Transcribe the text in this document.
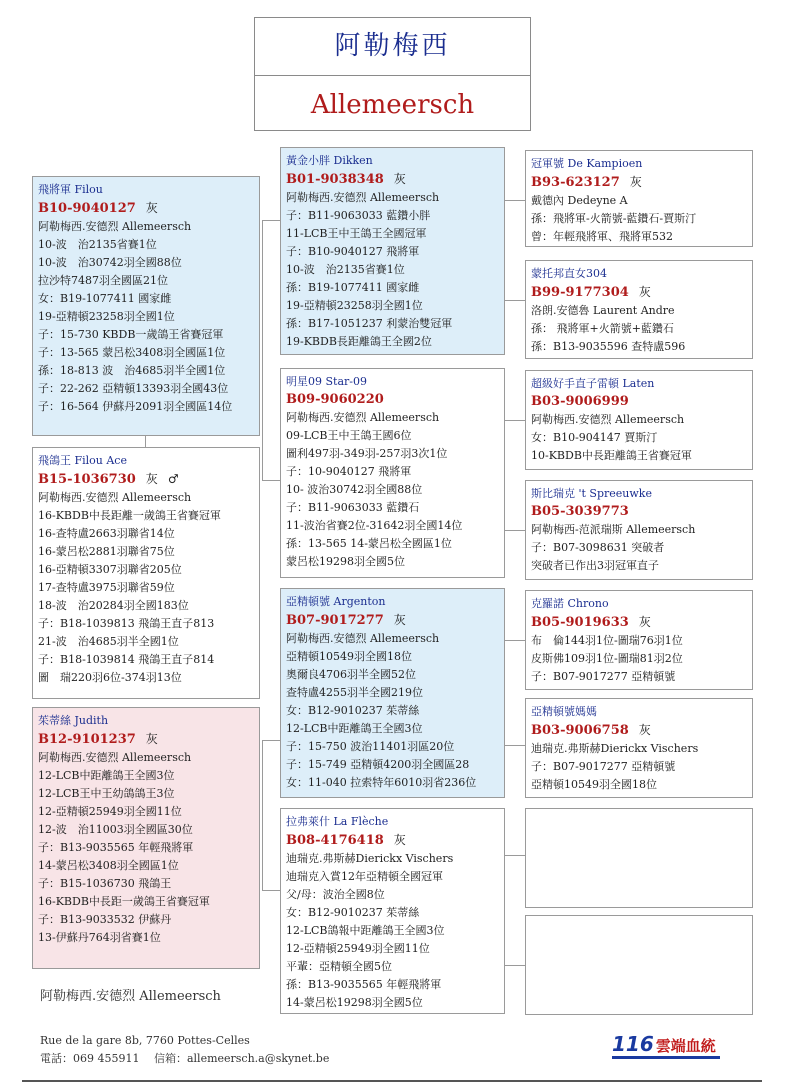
阿勒梅西
Allemeersch
飛將軍 Filou
B10-9040127 灰
阿勒梅西.安德烈 Allemeersch
10-波　治2135省賽1位
10-波　治30742羽全國88位
拉沙特7487羽全國區21位
女：B19-1077411 國家雌
19-亞精頓23258羽全國1位
子：15-730 KBDB一歲鴿王省賽冠軍
子：13-565 蒙呂松3408羽全國區1位
孫：18-813 波　治4685羽半全國1位
子：22-262 亞精頓13393羽全國43位
子：16-564 伊蘇丹2091羽全國區14位
飛鴿王 Filou Ace
B15-1036730 灰 ♂
阿勒梅西.安德烈 Allemeersch
16-KBDB中長距離一歲鴿王省賽冠軍
16-查特盧2663羽聯省14位
16-蒙呂松2881羽聯省75位
16-亞精頓3307羽聯省205位
17-查特盧3975羽聯省59位
18-波　治20284羽全國183位
子：B18-1039813 飛鴿王直子813
21-波　治4685羽半全國1位
子：B18-1039814 飛鴿王直子814
圖　瑞220羽6位-374羽13位
茱蒂絲 Judith
B12-9101237 灰
阿勒梅西.安德烈 Allemeersch
12-LCB中距離鴿王全國3位
12-LCB王中王幼鴿鴿王3位
12-亞精頓25949羽全國11位
12-波　治11003羽全國區30位
子：B13-9035565 年輕飛將軍
14-蒙呂松3408羽全國區1位
子：B15-1036730 飛鴿王
16-KBDB中長距一歲鴿王省賽冠軍
子：B13-9033532 伊蘇丹
13-伊蘇丹764羽省賽1位
黃金小胖 Dikken
B01-9038348 灰
阿勒梅西.安德烈 Allemeersch
子：B11-9063033 藍鑽小胖
11-LCB王中王鴿王全國冠軍
子：B10-9040127 飛將軍
10-波　治2135省賽1位
孫：B19-1077411 國家雌
19-亞精頓23258羽全國1位
孫：B17-1051237 利蒙治雙冠軍
19-KBDB長距離鴿王全國2位
明星09 Star-09
B09-9060220
阿勒梅西.安德烈 Allemeersch
09-LCB王中王鴿王國6位
圖利497羽-349羽-257羽3次1位
子：10-9040127 飛將軍
10- 波治30742羽全國88位
子：B11-9063033 藍鑽石
11-波治省賽2位-31642羽全國14位
孫：13-565 14-蒙呂松全國區1位
蒙呂松19298羽全國5位
亞精頓號 Argenton
B07-9017277 灰
阿勒梅西.安德烈 Allemeersch
亞精頓10549羽全國18位
奧爾良4706羽半全國52位
查特盧4255羽半全國219位
女：B12-9010237 茱蒂絲
12-LCB中距離鴿王全國3位
子：15-750 波治11401羽區20位
子：15-749 亞精頓4200羽全國區28
女：11-040 拉索特年6010羽省236位
拉弗萊什 La Flèche
B08-4176418 灰
迪瑞克.弗斯赫Dierickx Vischers
迪瑞克入賞12年亞精頓全國冠軍
父/母：波治全國8位
女：B12-9010237 茱蒂絲
12-LCB鴿報中距離鴿王全國3位
12-亞精頓25949羽全國11位
平輩：亞精頓全國5位
孫：B13-9035565 年輕飛將軍
14-蒙呂松19298羽全國5位
冠軍號 De Kampioen
B93-623127 灰
戴德內 Dedeyne A
孫：飛將軍-火箭號-藍鑽石-賈斯汀
曾：年輕飛將軍、飛將軍532
蒙托邦直女304
B99-9177304 灰
洛朗.安德魯 Laurent Andre
孫： 飛將軍+火箭號+藍鑽石
孫：B13-9035596 查特盧596
超級好手直子雷頓 Laten
B03-9006999
阿勒梅西.安德烈 Allemeersch
女：B10-904147 賈斯汀
10-KBDB中長距離鴿王省賽冠軍
斯比瑞克 't Spreeuwke
B05-3039773
阿勒梅西-范派瑞斯 Allemeersch
子：B07-3098631 突破者
突破者已作出3羽冠軍直子
克羅諾 Chrono
B05-9019633 灰
布　倫144羽1位-圖瑞76羽1位
皮斯佛109羽1位-圖瑞81羽2位
子：B07-9017277 亞精頓號
亞精頓號媽媽
B03-9006758 灰
迪瑞克.弗斯赫Dierickx Vischers
子：B07-9017277 亞精頓號
亞精頓10549羽全國18位
阿勒梅西.安德烈 Allemeersch
Rue de la gare 8b, 7760 Pottes-Celles
電話：069 455911　 信箱：allemeersch.a@skynet.be
116 雲端血統
